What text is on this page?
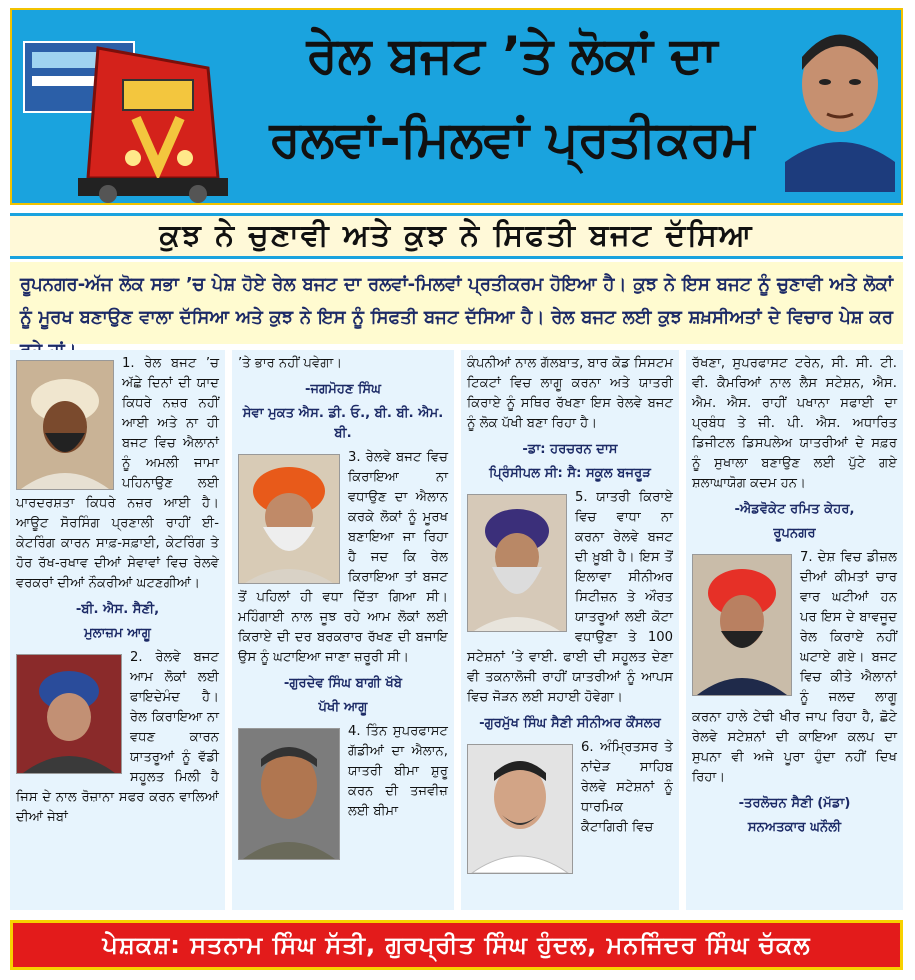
ਰੇਲ ਬਜਟ ’ਤੇ ਲੋਕਾਂ ਦਾ
ਰਲਵਾਂ-ਮਿਲਵਾਂ ਪ੍ਰਤੀਕਰਮ
ਕੁਝ ਨੇ ਚੁਣਾਵੀ ਅਤੇ ਕੁਝ ਨੇ ਸਿਫਤੀ ਬਜਟ ਦੱਸਿਆ
ਰੂਪਨਗਰ-ਅੱਜ ਲੋਕ ਸਭਾ ’ਚ ਪੇਸ਼ ਹੋਏ ਰੇਲ ਬਜਟ ਦਾ ਰਲਵਾਂ-ਮਿਲਵਾਂ ਪ੍ਰਤੀਕਰਮ ਹੋਇਆ ਹੈ। ਕੁਝ ਨੇ ਇਸ ਬਜਟ ਨੂੰ ਚੁਣਾਵੀ ਅਤੇ ਲੋਕਾਂ ਨੂੰ ਮੂਰਖ ਬਣਾਉਣ ਵਾਲਾ ਦੱਸਿਆ ਅਤੇ ਕੁਝ ਨੇ ਇਸ ਨੂੰ ਸਿਫਤੀ ਬਜਟ ਦੱਸਿਆ ਹੈ। ਰੇਲ ਬਜਟ ਲਈ ਕੁਝ ਸ਼ਖ਼ਸੀਅਤਾਂ ਦੇ ਵਿਚਾਰ ਪੇਸ਼ ਕਰ

1. ਰੇਲ ਬਜਟ ’ਚ ਅੱਛੇ ਦਿਨਾਂ ਦੀ ਯਾਦ ਕਿਧਰੇ ਨਜ਼ਰ ਨਹੀਂ ਆਈ ਅਤੇ ਨਾ ਹੀ ਬਜਟ ਵਿਚ ਐਲਾਨਾਂ ਨੂੰ ਅਮਲੀ ਜਾਮਾ ਪਹਿਨਾਉਣ ਲਈ ਪਾਰਦਰਸ਼ਤਾ ਕਿਧਰੇ ਨਜ਼ਰ ਆਈ ਹੈ। ਆਊਟ ਸੋਰਸਿੰਗ ਪ੍ਰਣਾਲੀ ਰਾਹੀਂ ਈ-ਕੇਟਰਿੰਗ ਕਾਰਨ ਸਾਫ਼-ਸਫ਼ਾਈ, ਕੇਟਰਿੰਗ ਤੇ ਹੋਰ ਰੱਖ-ਰਖਾਵ ਦੀਆਂ ਸੇਵਾਵਾਂ ਵਿਚ ਰੇਲਵੇ ਵਰਕਰਾਂ ਦੀਆਂ ਨੌਕਰੀਆਂ ਘਟਣਗੀਆਂ।

-ਬੀ. ਐਸ. ਸੈਣੀ,
ਮੁਲਾਜ਼ਮ ਆਗੂ

2. ਰੇਲਵੇ ਬਜਟ ਆਮ ਲੋਕਾਂ ਲਈ ਫਾਇਦੇਮੰਦ ਹੈ। ਰੇਲ ਕਿਰਾਇਆ ਨਾ ਵਧਣ ਕਾਰਨ ਯਾਤਰੂਆਂ ਨੂੰ ਵੱਡੀ ਸਹੂਲਤ ਮਿਲੀ ਹੈ ਜਿਸ ਦੇ ਨਾਲ ਰੋਜ਼ਾਨਾ ਸਫਰ ਕਰਨ ਵਾਲਿਆਂ ਦੀਆਂ ਜੇਬਾਂ

’ਤੇ ਭਾਰ ਨਹੀਂ ਪਵੇਗਾ।

-ਜਗਮੋਹਣ ਸਿੰਘ
ਸੇਵਾ ਮੁਕਤ ਐਸ. ਡੀ. ਓ., ਬੀ. ਬੀ. ਐਮ. ਬੀ.

3. ਰੇਲਵੇ ਬਜਟ ਵਿਚ ਕਿਰਾਇਆ ਨਾ ਵਧਾਉਣ ਦਾ ਐਲਾਨ ਕਰਕੇ ਲੋਕਾਂ ਨੂੰ ਮੂਰਖ ਬਣਾਇਆ ਜਾ ਰਿਹਾ ਹੈ ਜਦ ਕਿ ਰੇਲ ਕਿਰਾਇਆ ਤਾਂ ਬਜਟ ਤੋਂ ਪਹਿਲਾਂ ਹੀ ਵਧਾ ਦਿੱਤਾ ਗਿਆ ਸੀ। ਮਹਿੰਗਾਈ ਨਾਲ ਜੂਝ ਰਹੇ ਆਮ ਲੋਕਾਂ ਲਈ ਕਿਰਾਏ ਦੀ ਦਰ ਬਰਕਰਾਰ ਰੱਖਣ ਦੀ ਬਜਾਇ ਉਸ ਨੂੰ ਘਟਾਇਆ ਜਾਣਾ ਜ਼ਰੂਰੀ ਸੀ।

-ਗੁਰਦੇਵ ਸਿੰਘ ਬਾਗੀ ਖੱਬੇ
ਪੱਖੀ ਆਗੂ

4. ਤਿੰਨ ਸੁਪਰਫਾਸਟ ਗੱਡੀਆਂ ਦਾ ਐਲਾਨ, ਯਾਤਰੀ ਬੀਮਾ ਸ਼ੁਰੂ ਕਰਨ ਦੀ ਤਜਵੀਜ਼ ਲਈ ਬੀਮਾ

ਕੰਪਨੀਆਂ ਨਾਲ ਗੱਲਬਾਤ, ਬਾਰ ਕੋਡ ਸਿਸਟਮ ਟਿਕਟਾਂ ਵਿਚ ਲਾਗੂ ਕਰਨਾ ਅਤੇ ਯਾਤਰੀ ਕਿਰਾਏ ਨੂੰ ਸਥਿਰ ਰੱਖਣਾ ਇਸ ਰੇਲਵੇ ਬਜਟ ਨੂੰ ਲੋਕ ਪੱਖੀ ਬਣਾ ਰਿਹਾ ਹੈ।

-ਡਾ: ਹਰਚਰਨ ਦਾਸ
ਪ੍ਰਿੰਸੀਪਲ ਸੀ: ਸੈ: ਸਕੂਲ ਬਜਰੂੜ

5. ਯਾਤਰੀ ਕਿਰਾਏ ਵਿਚ ਵਾਧਾ ਨਾ ਕਰਨਾ ਰੇਲਵੇ ਬਜਟ ਦੀ ਖ਼ੂਬੀ ਹੈ। ਇਸ ਤੋਂ ਇਲਾਵਾ ਸੀਨੀਅਰ ਸਿਟੀਜ਼ਨ ਤੇ ਔਰਤ ਯਾਤਰੂਆਂ ਲਈ ਕੋਟਾ ਵਧਾਉਣਾ ਤੇ 100 ਸਟੇਸ਼ਨਾਂ ’ਤੇ ਵਾਈ. ਫਾਈ ਦੀ ਸਹੂਲਤ ਦੇਣਾ ਵੀ ਤਕਨਾਲੋਜੀ ਰਾਹੀਂ ਯਾਤਰੀਆਂ ਨੂੰ ਆਪਸ ਵਿਚ ਜੋੜਨ ਲਈ ਸਹਾਈ ਹੋਵੇਗਾ।

-ਗੁਰਮੁੱਖ ਸਿੰਘ ਸੈਣੀ ਸੀਨੀਅਰ ਕੌਂਸਲਰ

6. ਅੰਮ੍ਰਿਤਸਰ ਤੇ ਨਾਂਦੇੜ ਸਾਹਿਬ ਰੇਲਵੇ ਸਟੇਸ਼ਨਾਂ ਨੂੰ ਧਾਰਮਿਕ ਕੈਟਾਗਿਰੀ ਵਿਚ

ਰੱਖਣਾ, ਸੁਪਰਫਾਸਟ ਟਰੇਨ, ਸੀ. ਸੀ. ਟੀ. ਵੀ. ਕੈਮਰਿਆਂ ਨਾਲ ਲੈਸ ਸਟੇਸ਼ਨ, ਐਸ. ਐਮ. ਐਸ. ਰਾਹੀਂ ਪਖਾਨਾ ਸਫਾਈ ਦਾ ਪ੍ਰਬੰਧ ਤੇ ਜੀ. ਪੀ. ਐਸ. ਅਧਾਰਿਤ ਡਿਜੀਟਲ ਡਿਸਪਲੇਅ ਯਾਤਰੀਆਂ ਦੇ ਸਫ਼ਰ ਨੂੰ ਸੁਖਾਲਾ ਬਣਾਉਣ ਲਈ ਪੁੱਟੇ ਗਏ ਸ਼ਲਾਘਾਯੋਗ ਕਦਮ ਹਨ।

-ਐਡਵੋਕੇਟ ਰਮਿਤ ਕੇਹਰ,
ਰੂਪਨਗਰ

7. ਦੇਸ਼ ਵਿਚ ਡੀਜ਼ਲ ਦੀਆਂ ਕੀਮਤਾਂ ਚਾਰ ਵਾਰ ਘਟੀਆਂ ਹਨ ਪਰ ਇਸ ਦੇ ਬਾਵਜੂਦ ਰੇਲ ਕਿਰਾਏ ਨਹੀਂ ਘਟਾਏ ਗਏ। ਬਜਟ ਵਿਚ ਕੀਤੇ ਐਲਾਨਾਂ ਨੂੰ ਜਲਦ ਲਾਗੂ ਕਰਨਾ ਹਾਲੇ ਟੇਢੀ ਖੀਰ ਜਾਪ ਰਿਹਾ ਹੈ, ਛੋਟੇ ਰੇਲਵੇ ਸਟੇਸ਼ਨਾਂ ਦੀ ਕਾਇਆ ਕਲਪ ਦਾ ਸੁਪਨਾ ਵੀ ਅਜੇ ਪੂਰਾ ਹੁੰਦਾ ਨਹੀਂ ਦਿਖ ਰਿਹਾ।

-ਤਰਲੋਚਨ ਸੈਣੀ (ਮੱਡਾ)
ਸਨਅਤਕਾਰ ਘਨੌਲੀ
ਪੇਸ਼ਕਸ਼: ਸਤਨਾਮ ਸਿੰਘ ਸੱਤੀ, ਗੁਰਪ੍ਰੀਤ ਸਿੰਘ ਹੁੰਦਲ, ਮਨਜਿੰਦਰ ਸਿੰਘ ਚੱਕਲ
